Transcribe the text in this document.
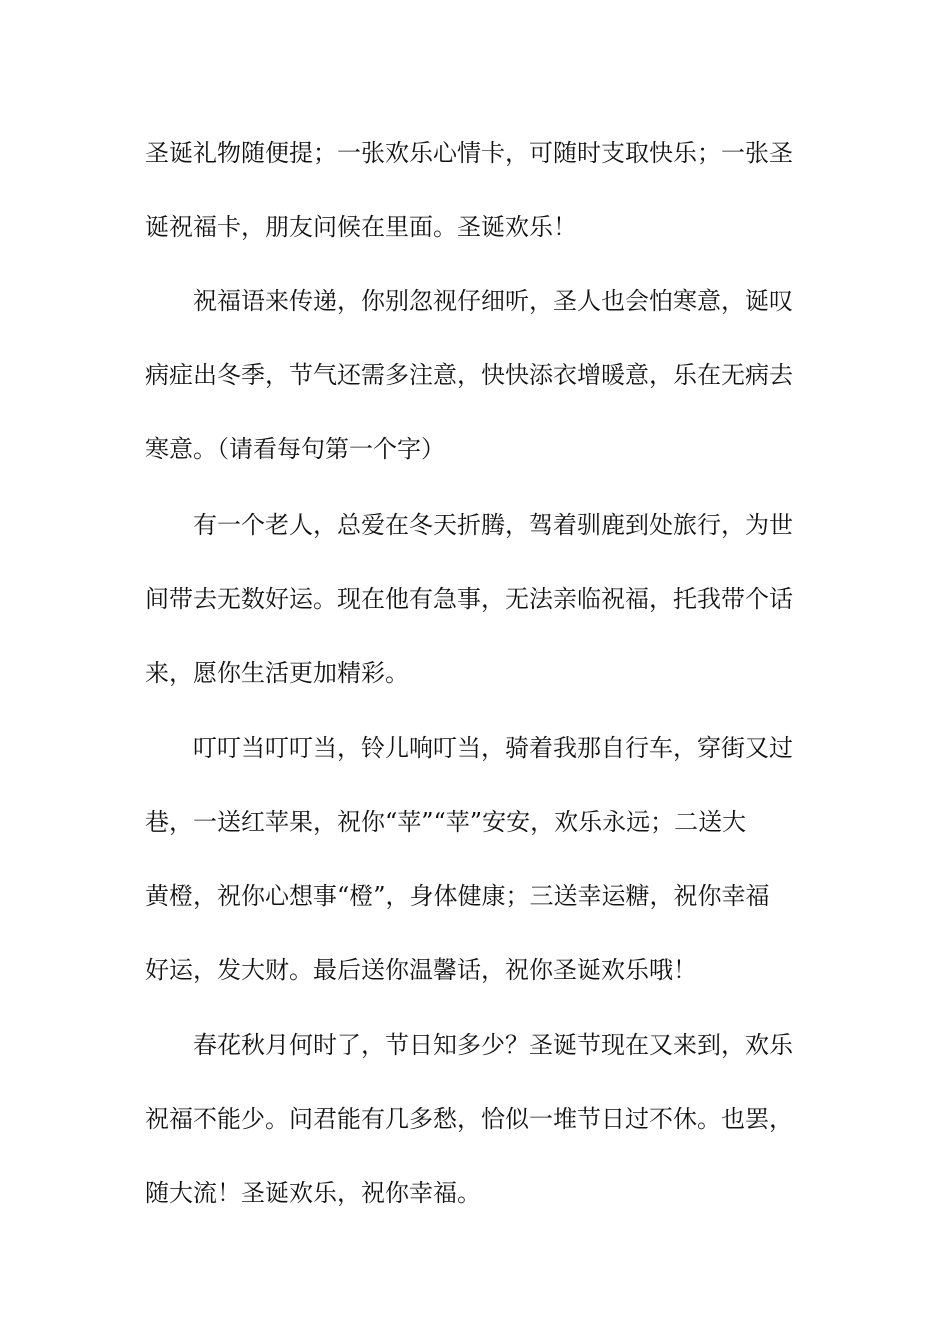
圣诞礼物随便提；一张欢乐心情卡，可随时支取快乐；一张圣
诞祝福卡，朋友问候在里面。圣诞欢乐！
祝福语来传递，你别忽视仔细听，圣人也会怕寒意，诞叹
病症出冬季，节气还需多注意，快快添衣增暖意，乐在无病去
寒意。（请看每句第一个字）
有一个老人，总爱在冬天折腾，驾着驯鹿到处旅行，为世
间带去无数好运。现在他有急事，无法亲临祝福，托我带个话
来，愿你生活更加精彩。
叮叮当叮叮当，铃儿响叮当，骑着我那自行车，穿街又过
巷，一送红苹果，祝你“苹”“苹”安安，欢乐永远；二送大
黄橙，祝你心想事“橙”，身体健康；三送幸运糖，祝你幸福
好运，发大财。最后送你温馨话，祝你圣诞欢乐哦！
春花秋月何时了，节日知多少？圣诞节现在又来到，欢乐
祝福不能少。问君能有几多愁，恰似一堆节日过不休。也罢，
随大流！圣诞欢乐，祝你幸福。
